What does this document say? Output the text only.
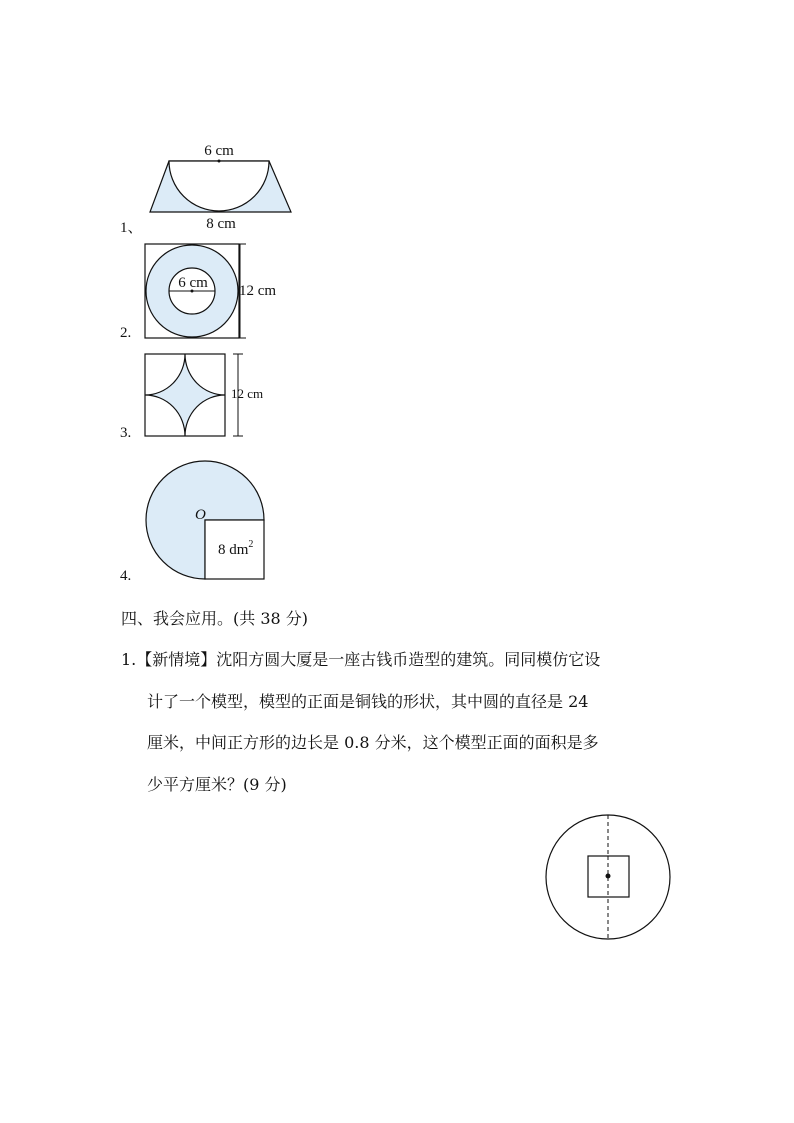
6 cm
8 cm
1、
6 cm 12 cm
2.
12 cm
3.
O
8 $dm^2$
4.
四、我会应用。(共 38 分)
1.【新情境】沈阳方圆大厦是一座古钱币造型的建筑。同同模仿它设
计了一个模型，模型的正面是铜钱的形状，其中圆的直径是 24
厘米，中间正方形的边长是 0.8 分米，这个模型正面的面积是多
少平方厘米？(9 分)
